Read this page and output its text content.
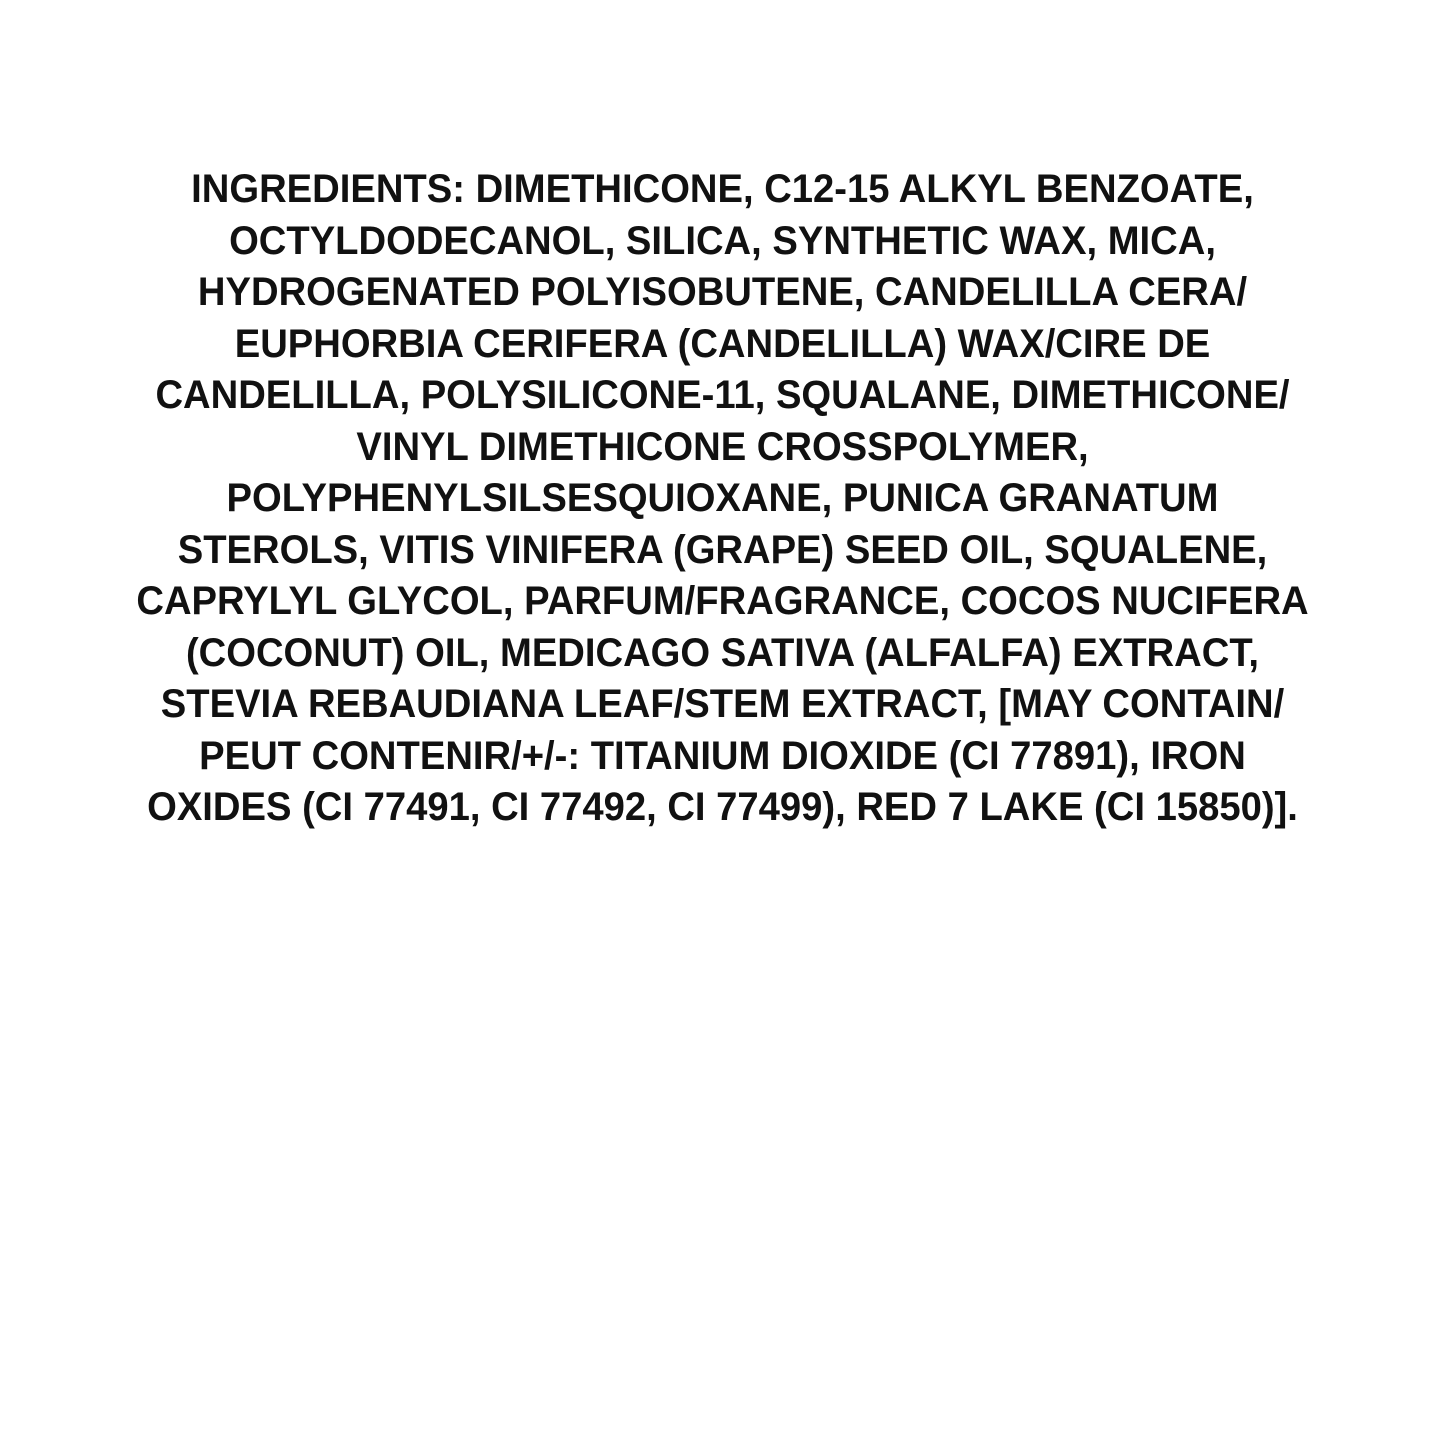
INGREDIENTS: DIMETHICONE, C12-15 ALKYL BENZOATE,
OCTYLDODECANOL, SILICA, SYNTHETIC WAX, MICA,
HYDROGENATED POLYISOBUTENE, CANDELILLA CERA/
EUPHORBIA CERIFERA (CANDELILLA) WAX/CIRE DE
CANDELILLA, POLYSILICONE-11, SQUALANE, DIMETHICONE/
VINYL DIMETHICONE CROSSPOLYMER,
POLYPHENYLSILSESQUIOXANE, PUNICA GRANATUM
STEROLS, VITIS VINIFERA (GRAPE) SEED OIL, SQUALENE,
CAPRYLYL GLYCOL, PARFUM/FRAGRANCE, COCOS NUCIFERA
(COCONUT) OIL, MEDICAGO SATIVA (ALFALFA) EXTRACT,
STEVIA REBAUDIANA LEAF/STEM EXTRACT, [MAY CONTAIN/
PEUT CONTENIR/+/-: TITANIUM DIOXIDE (CI 77891), IRON
OXIDES (CI 77491, CI 77492, CI 77499), RED 7 LAKE (CI 15850)].
